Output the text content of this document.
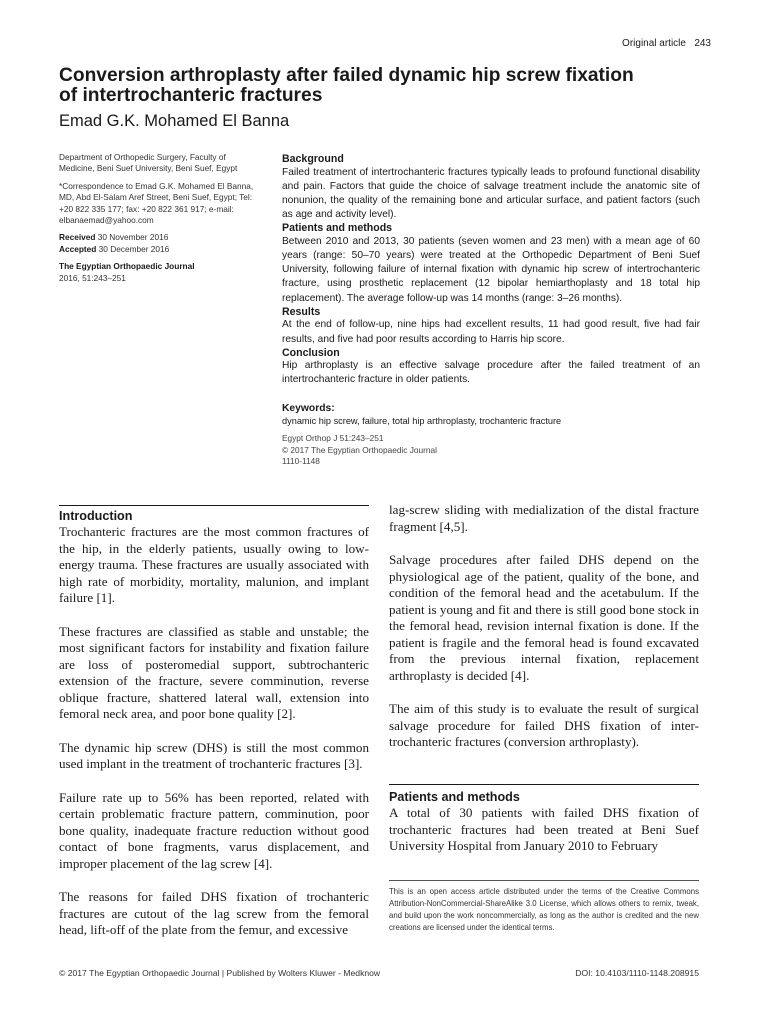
Original article 243
Conversion arthroplasty after failed dynamic hip screw fixation
of intertrochanteric fractures
Emad G.K. Mohamed El Banna

Department of Orthopedic Surgery, Faculty of Medicine, Beni Suef University, Beni Suef, Egypt

*Correspondence to Emad G.K. Mohamed El Banna, MD, Abd El-Salam Aref Street, Beni Suef, Egypt; Tel: +20 822 335 177; fax: +20 822 361 917; e-mail: elbanaemad@yahoo.com

Received 30 November 2016
Accepted 30 December 2016

The Egyptian Orthopaedic Journal
2016, 51:243–251

Background

Failed treatment of intertrochanteric fractures typically leads to profound functional disability and pain. Factors that guide the choice of salvage treatment include the anatomic site of nonunion, the quality of the remaining bone and articular surface, and patient factors (such as age and activity level).

Patients and methods

Between 2010 and 2013, 30 patients (seven women and 23 men) with a mean age of 60 years (range: 50–70 years) were treated at the Orthopedic Department of Beni Suef University, following failure of internal fixation with dynamic hip screw of intertrochanteric fracture, using prosthetic replacement (12 bipolar hemiarthoplasty and 18 total hip replacement). The average follow-up was 14 months (range: 3–26 months).

Results

At the end of follow-up, nine hips had excellent results, 11 had good result, five had fair results, and five had poor results according to Harris hip score.

Conclusion

Hip arthroplasty is an effective salvage procedure after the failed treatment of an intertrochanteric fracture in older patients.

Keywords:
dynamic hip screw, failure, total hip arthroplasty, trochanteric fracture
Egypt Orthop J 51:243–251
© 2017 The Egyptian Orthopaedic Journal
1110-1148
Introduction

Trochanteric fractures are the most common fractures of the hip, in the elderly patients, usually owing to low-energy trauma. These fractures are usually associated with high rate of morbidity, mortality, malunion, and implant failure [1].

These fractures are classified as stable and unstable; the most significant factors for instability and fixation failure are loss of posteromedial support, subtrochanteric extension of the fracture, severe comminution, reverse oblique fracture, shattered lateral wall, extension into femoral neck area, and poor bone quality [2].

The dynamic hip screw (DHS) is still the most common used implant in the treatment of trochanteric fractures [3].

Failure rate up to 56% has been reported, related with certain problematic fracture pattern, comminution, poor bone quality, inadequate fracture reduction without good contact of bone fragments, varus displacement, and improper placement of the lag screw [4].

The reasons for failed DHS fixation of trochanteric fractures are cutout of the lag screw from the femoral head, lift-off of the plate from the femur, and excessive

lag-screw sliding with medialization of the distal fracture fragment [4,5].

Salvage procedures after failed DHS depend on the physiological age of the patient, quality of the bone, and condition of the femoral head and the acetabulum. If the patient is young and fit and there is still good bone stock in the femoral head, revision internal fixation is done. If the patient is fragile and the femoral head is found excavated from the previous internal fixation, replacement arthroplasty is decided [4].

The aim of this study is to evaluate the result of surgical salvage procedure for failed DHS fixation of inter-trochanteric fractures (conversion arthroplasty).

Patients and methods

A total of 30 patients with failed DHS fixation of trochanteric fractures had been treated at Beni Suef University Hospital from January 2010 to February

This is an open access article distributed under the terms of the Creative Commons Attribution-NonCommercial-ShareAlike 3.0 License, which allows others to remix, tweak, and build upon the work noncommercially, as long as the author is credited and the new creations are licensed under the identical terms.
© 2017 The Egyptian Orthopaedic Journal | Published by Wolters Kluwer - Medknow	DOI: 10.4103/1110-1148.208915
